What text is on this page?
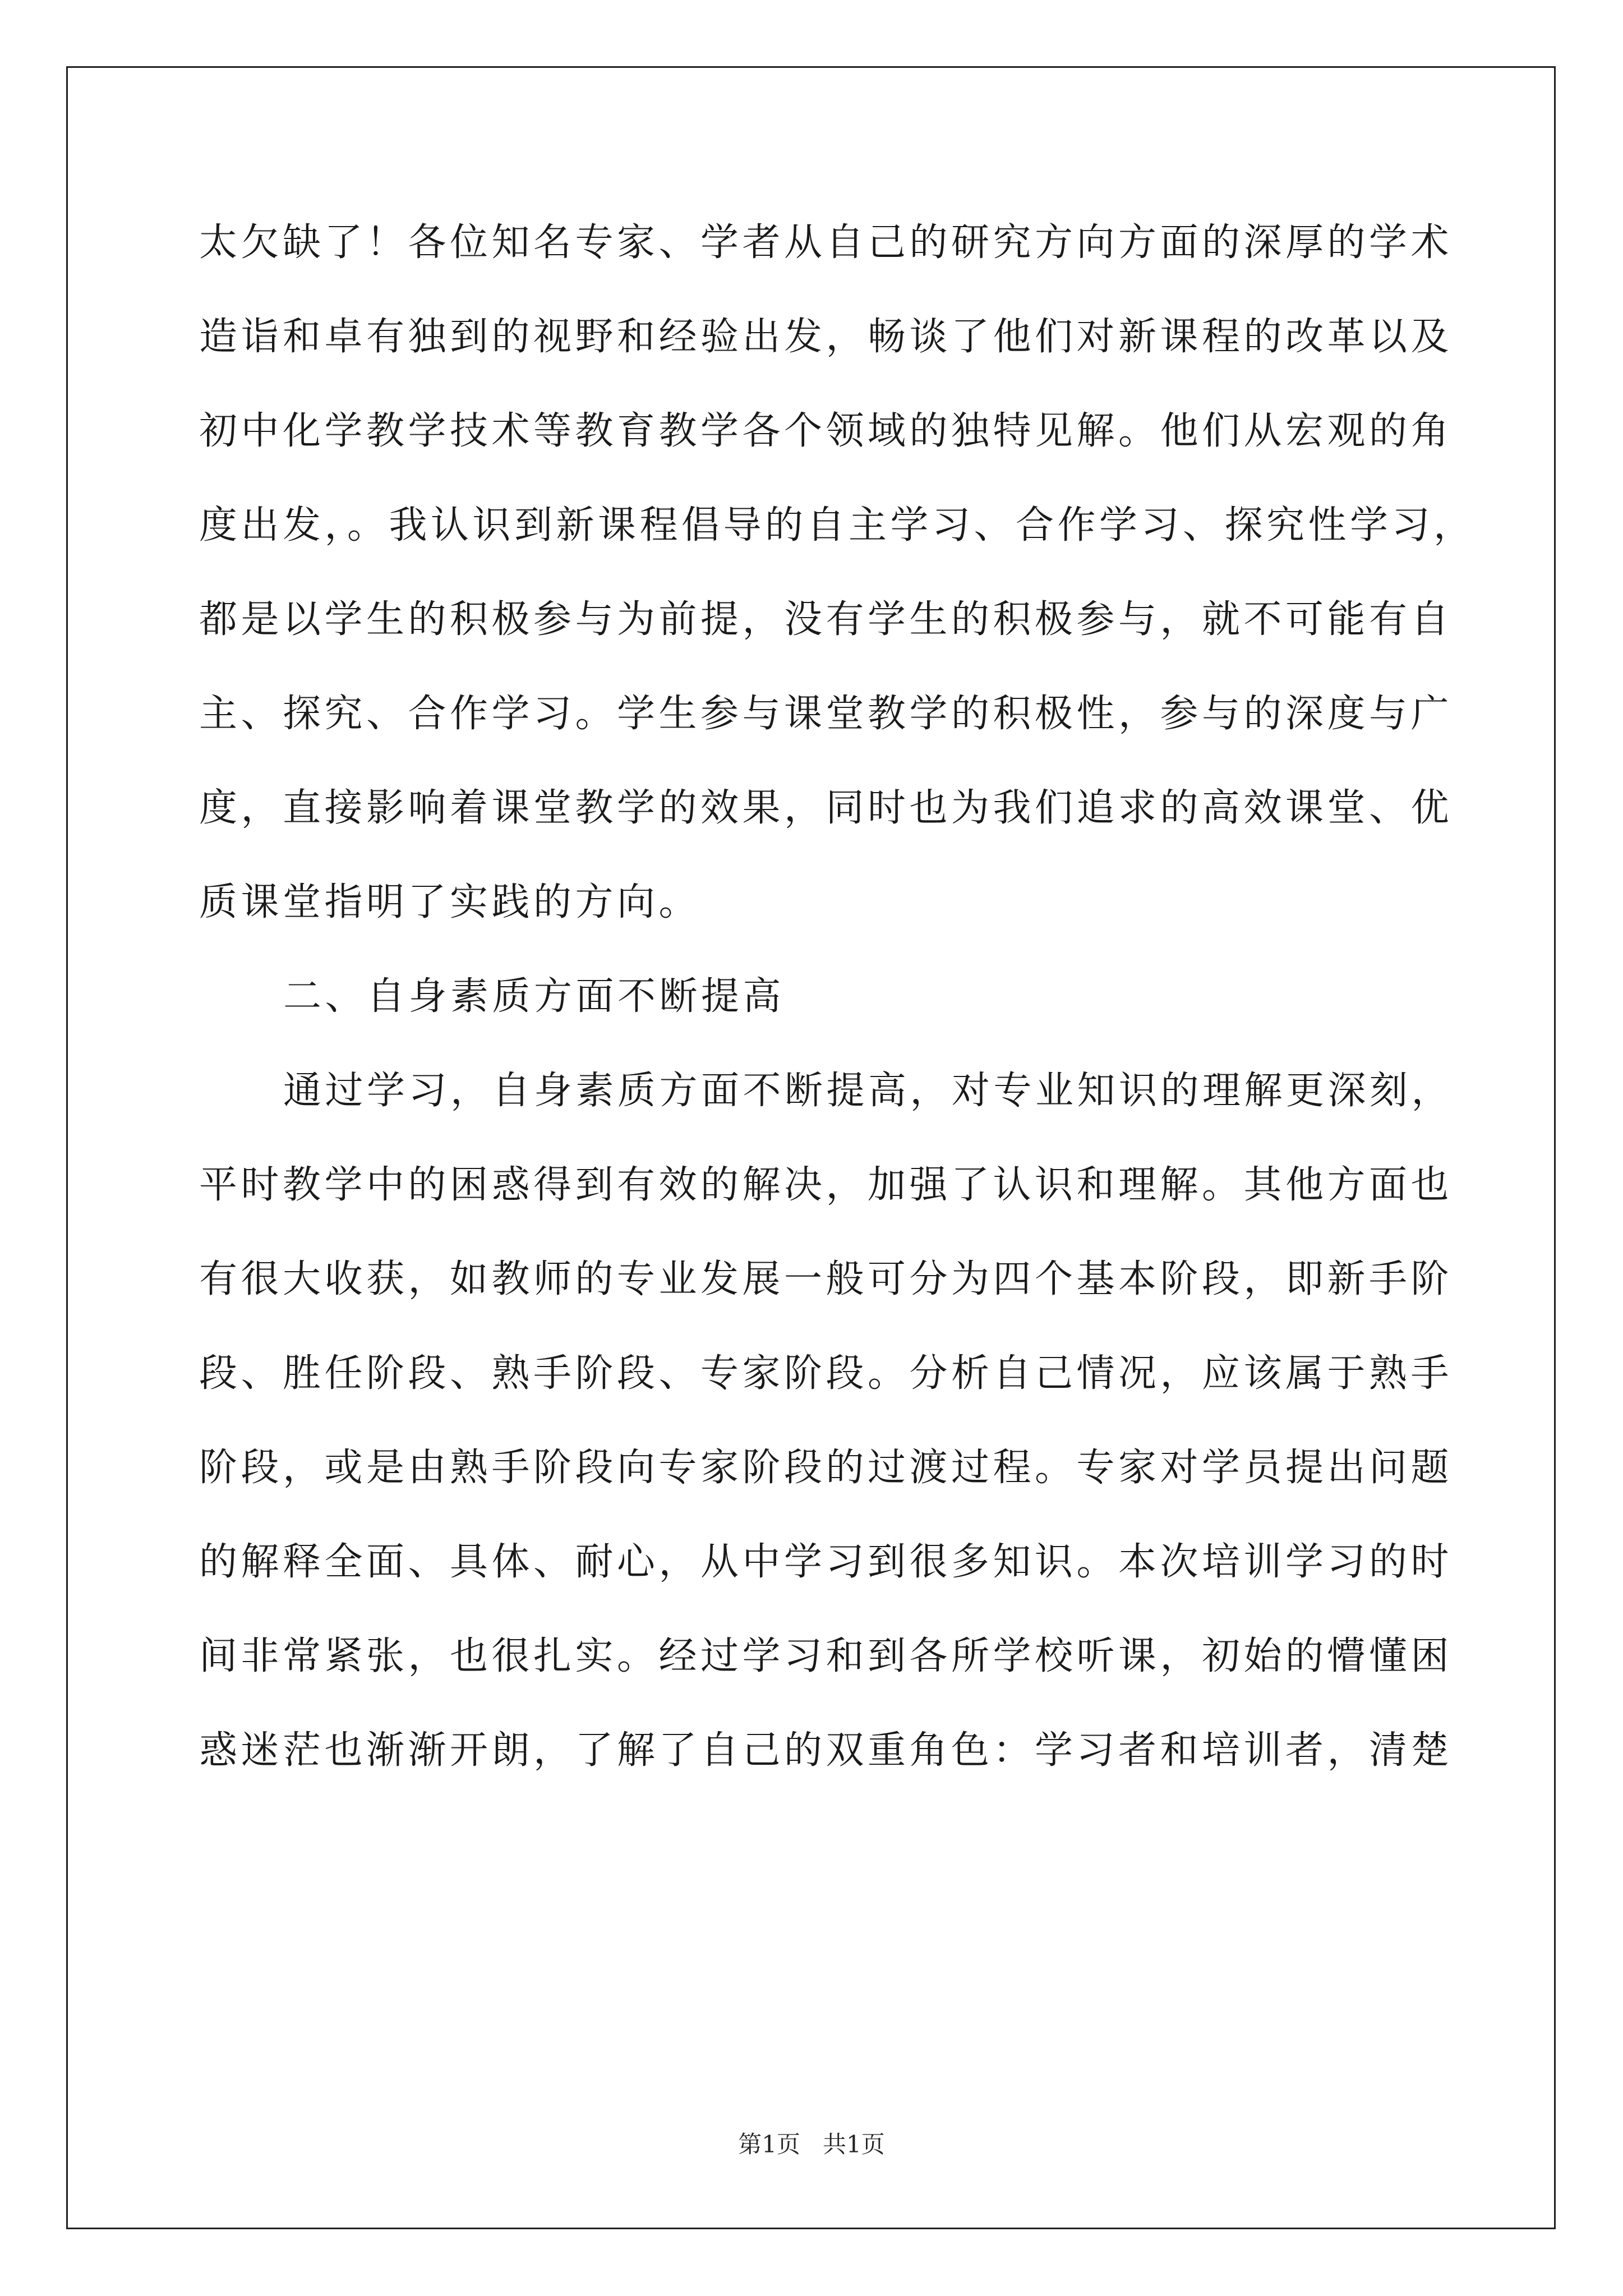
太欠缺了！各位知名专家、学者从自己的研究方向方面的深厚的学术
造诣和卓有独到的视野和经验出发，畅谈了他们对新课程的改革以及
初中化学教学技术等教育教学各个领域的独特见解。他们从宏观的角
度出发，。我认识到新课程倡导的自主学习、合作学习、探究性学习，
都是以学生的积极参与为前提，没有学生的积极参与，就不可能有自
主、探究、合作学习。学生参与课堂教学的积极性，参与的深度与广
度，直接影响着课堂教学的效果，同时也为我们追求的高效课堂、优
质课堂指明了实践的方向。
二、自身素质方面不断提高
通过学习，自身素质方面不断提高，对专业知识的理解更深刻，
平时教学中的困惑得到有效的解决，加强了认识和理解。其他方面也
有很大收获，如教师的专业发展一般可分为四个基本阶段，即新手阶
段、胜任阶段、熟手阶段、专家阶段。分析自己情况，应该属于熟手
阶段，或是由熟手阶段向专家阶段的过渡过程。专家对学员提出问题
的解释全面、具体、耐心，从中学习到很多知识。本次培训学习的时
间非常紧张，也很扎实。经过学习和到各所学校听课，初始的懵懂困
惑迷茫也渐渐开朗，了解了自己的双重角色：学习者和培训者，清楚
第1页   共1页
